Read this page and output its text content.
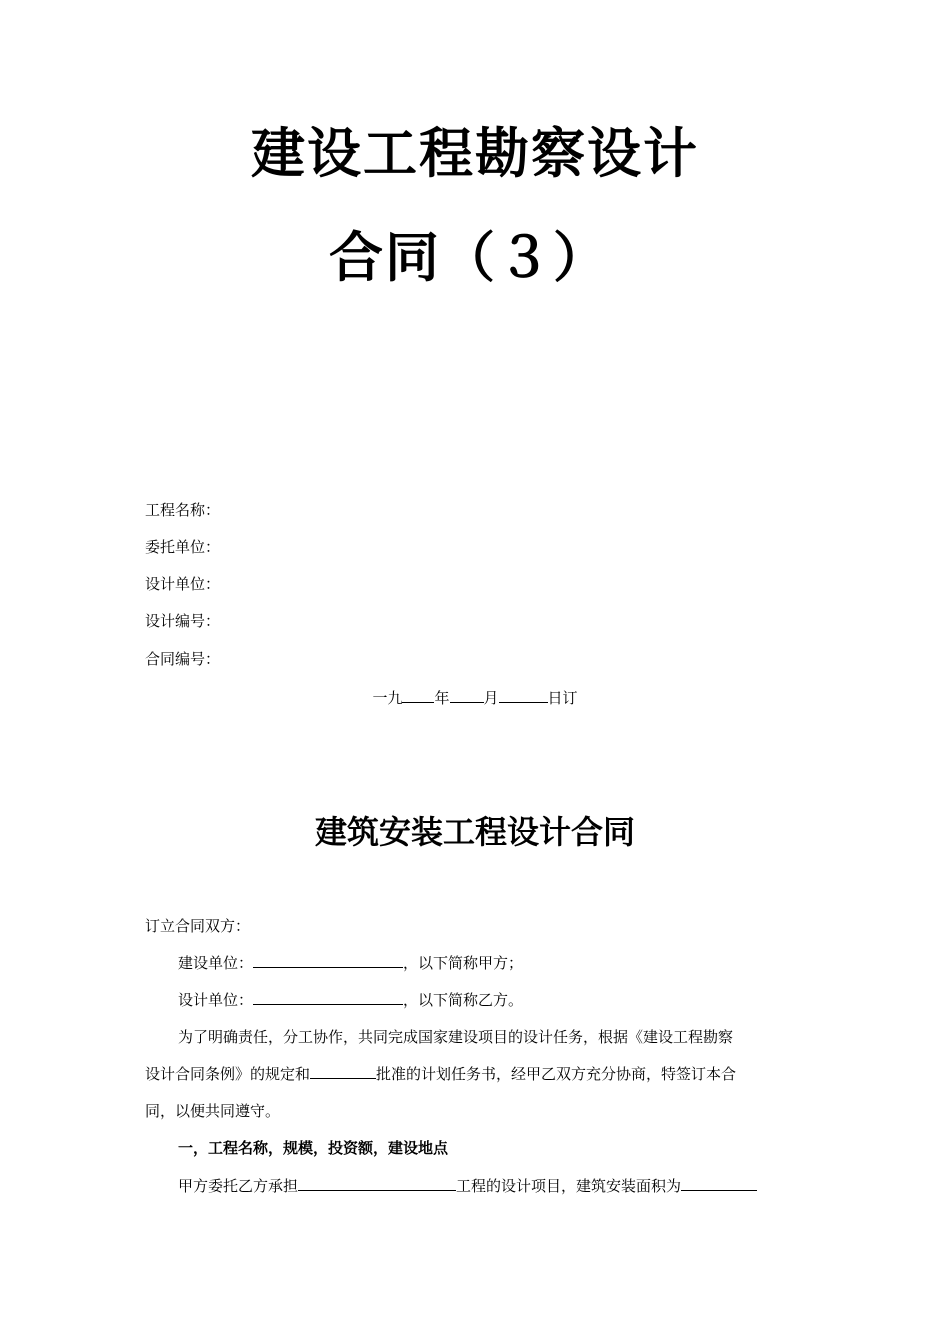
建设工程勘察设计
合同（３）
工程名称：
委托单位：
设计单位：
设计编号：
合同编号：
一九 年 月	日订
建筑安装工程设计合同
订立合同双方：
建设单位：	，以下简称甲方；
设计单位：	，以下简称乙方。
为了明确责任，分工协作，共同完成国家建设项目的设计任务，根据《建设工程勘察
设计合同条例》的规定和	批准的计划任务书，经甲乙双方充分协商，特签订本合
同，以便共同遵守。
一，工程名称，规模，投资额，建设地点
甲方委托乙方承担	工程的设计项目，建筑安装面积为
